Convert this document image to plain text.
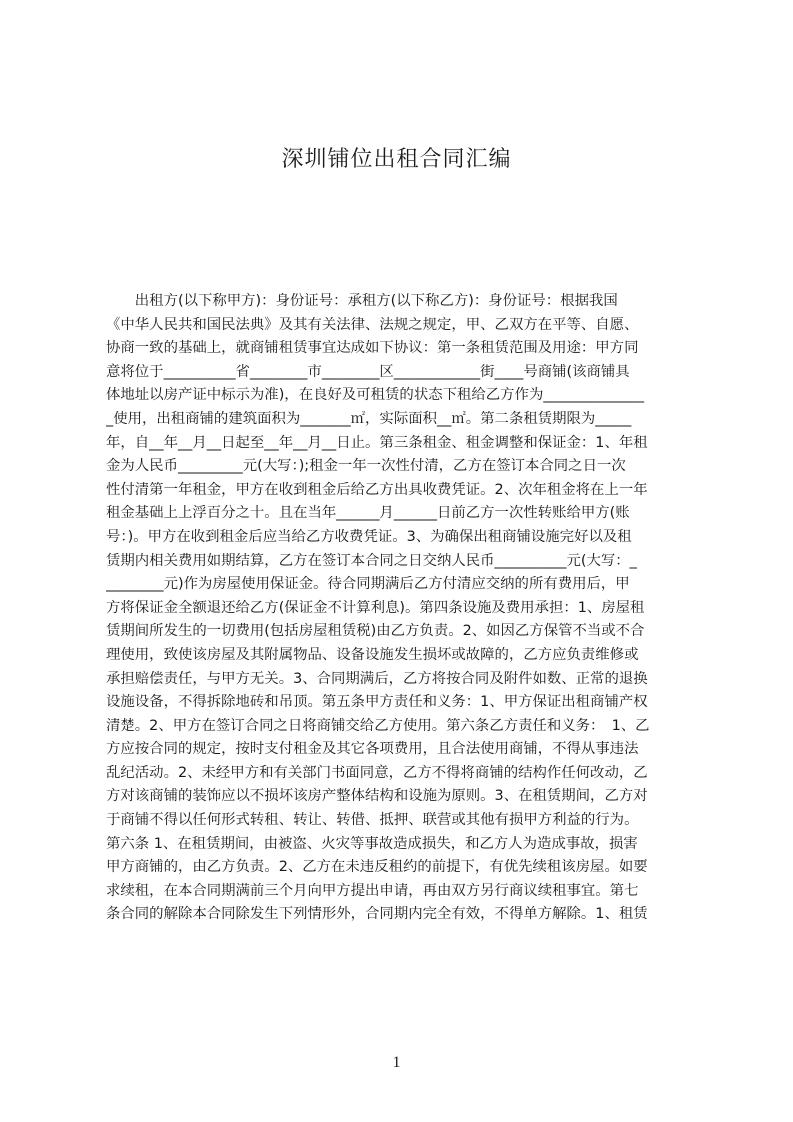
深圳铺位出租合同汇编
　　出租方(以下称甲方)：身份证号：承租方(以下称乙方)：身份证号：根据我国
《中华人民共和国民法典》及其有关法律、法规之规定，甲、乙双方在平等、自愿、
协商一致的基础上，就商铺租赁事宜达成如下协议：第一条租赁范围及用途：甲方同
意将位于__________省________市________区____________街____号商铺(该商铺具
体地址以房产证中标示为准)，在良好及可租赁的状态下租给乙方作为______________
_使用，出租商铺的建筑面积为_______㎡，实际面积__㎡。第二条租赁期限为_____
年，自__年__月__日起至__年__月__日止。第三条租金、租金调整和保证金：1、年租
金为人民币_________元(大写：);租金一年一次性付清，乙方在签订本合同之日一次
性付清第一年租金，甲方在收到租金后给乙方出具收费凭证。2、次年租金将在上一年
租金基础上上浮百分之十。且在当年______月______日前乙方一次性转账给甲方(账
号：)。甲方在收到租金后应当给乙方收费凭证。3、为确保出租商铺设施完好以及租
赁期内相关费用如期结算，乙方在签订本合同之日交纳人民币__________元(大写：_
________元)作为房屋使用保证金。待合同期满后乙方付清应交纳的所有费用后，甲
方将保证金全额退还给乙方(保证金不计算利息)。第四条设施及费用承担：1、房屋租
赁期间所发生的一切费用(包括房屋租赁税)由乙方负责。2、如因乙方保管不当或不合
理使用，致使该房屋及其附属物品、设备设施发生损坏或故障的，乙方应负责维修或
承担赔偿责任，与甲方无关。3、合同期满后，乙方将按合同及附件如数、正常的退换
设施设备，不得拆除地砖和吊顶。第五条甲方责任和义务：1、甲方保证出租商铺产权
清楚。2、甲方在签订合同之日将商铺交给乙方使用。第六条乙方责任和义务：　1、乙
方应按合同的规定，按时支付租金及其它各项费用，且合法使用商铺，不得从事违法
乱纪活动。2、未经甲方和有关部门书面同意，乙方不得将商铺的结构作任何改动，乙
方对该商铺的装饰应以不损坏该房产整体结构和设施为原则。3、在租赁期间，乙方对
于商铺不得以任何形式转租、转让、转借、抵押、联营或其他有损甲方利益的行为。
第六条 1、在租赁期间，由被盗、火灾等事故造成损失，和乙方人为造成事故，损害
甲方商铺的，由乙方负责。2、乙方在未违反租约的前提下，有优先续租该房屋。如要
求续租，在本合同期满前三个月向甲方提出申请，再由双方另行商议续租事宜。第七
条合同的解除本合同除发生下列情形外，合同期内完全有效，不得单方解除。1、租赁
1
